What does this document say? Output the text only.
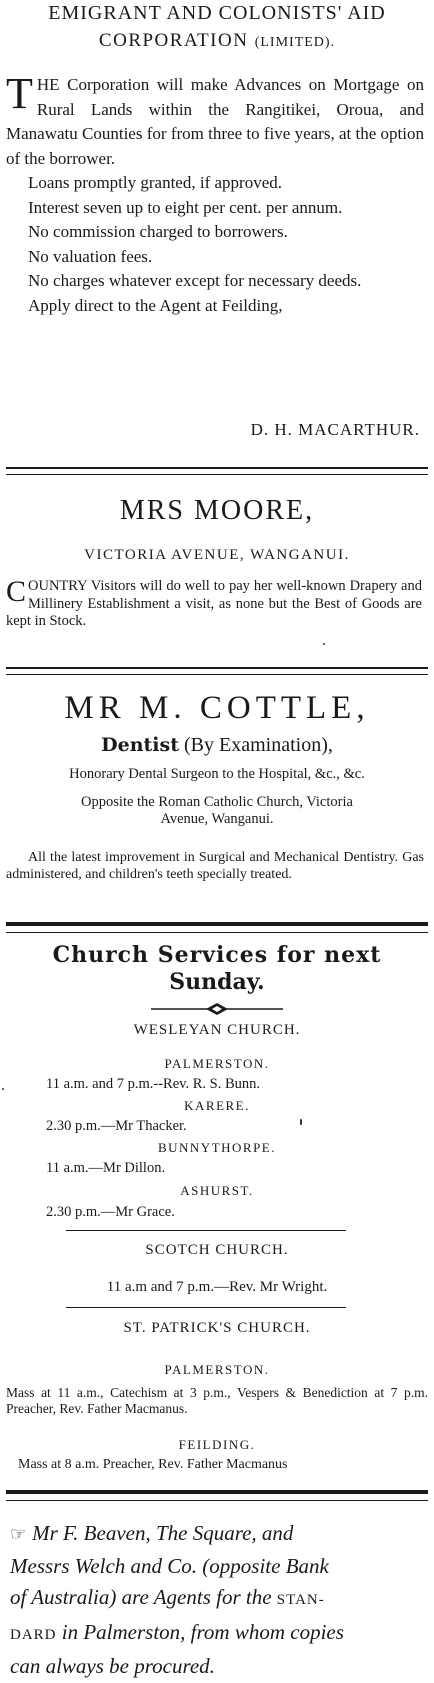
EMIGRANT AND COLONISTS' AID
CORPORATION (LIMITED).

THE Corporation will make Advances on Mortgage on Rural Lands within the Rangitikei, Oroua, and Manawatu Counties for from three to five years, at the option of the borrower.

Loans promptly granted, if approved.

Interest seven up to eight per cent. per annum.

No commission charged to borrowers.

No valuation fees.

No charges whatever except for necessary deeds.

Apply direct to the Agent at Feilding,

D. H. MACARTHUR.
MRS MOORE,
VICTORIA AVENUE, WANGANUI.
COUNTRY Visitors will do well to pay her well-known Drapery and Millinery Establishment a visit, as none but the Best of Goods are kept in Stock.
MR M. COTTLE,
Dentist (By Examination),
Honorary Dental Surgeon to the Hospital, &c., &c.
Opposite the Roman Catholic Church, Victoria
Avenue, Wanganui.
All the latest improvement in Surgical and Mechanical Dentistry. Gas administered, and children's teeth specially treated.
Church Services for next
Sunday.
WESLEYAN CHURCH.
PALMERSTON.
11 a.m. and 7 p.m.--Rev. R. S. Bunn.
KARERE.
2.30 p.m.—Mr Thacker.
BUNNYTHORPE.
11 a.m.—Mr Dillon.
ASHURST.
2.30 p.m.—Mr Grace.
SCOTCH CHURCH.
11 a.m and 7 p.m.—Rev. Mr Wright.
ST. PATRICK'S CHURCH.
PALMERSTON.
Mass at 11 a.m., Catechism at 3 p.m., Vespers & Benediction at 7 p.m. Preacher, Rev. Father Macmanus.
FEILDING.
Mass at 8 a.m. Preacher, Rev. Father Macmanus
☞ Mr F. Beaven, The Square, and
Messrs Welch and Co. (opposite Bank
of Australia) are Agents for the STAN-
DARD in Palmerston, from whom copies
can always be procured.
